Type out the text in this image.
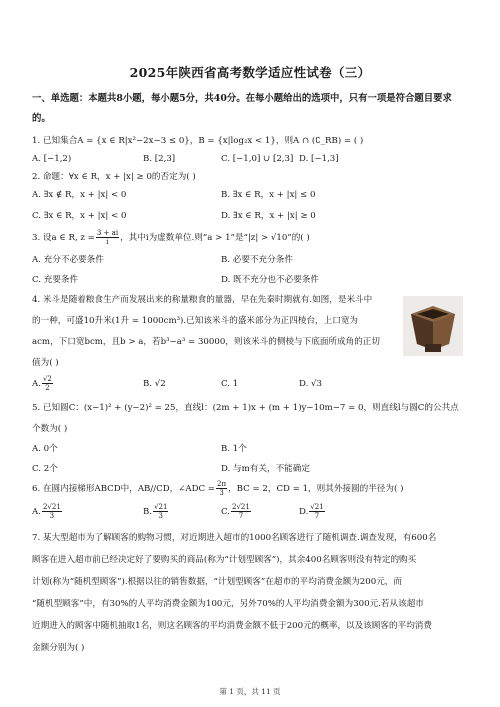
2025年陕西省高考数学适应性试卷（三）
一、单选题：本题共8小题，每小题5分，共40分。在每小题给出的选项中，只有一项是符合题目要求
的。
1. 已知集合A = {x ∈ R|x²−2x−3 ≤ 0}，B = {x|log₂x < 1}，则A ∩ (∁_RB) = ( )
A. [−1,2)	B. [2,3]	C. [−1,0] ∪ [2,3] D. [−1,3]
2. 命题：∀x ∈ R，x + |x| ≥ 0的否定为( )
A. ∃x ∉ R，x + |x| < 0	B. ∃x ∈ R，x + |x| ≤ 0
C. ∃x ∈ R，x + |x| < 0	D. ∃x ∈ R，x + |x| ≥ 0
3. 设a ∈ R, $z = \frac{3 + ai}{i}$ ，其中i为虚数单位.则“a > 1”是“|z| > √10”的( )
A. 充分不必要条件	B. 必要不充分条件
C. 充要条件	D. 既不充分也不必要条件
4. 米斗是随着粮食生产而发展出来的称量粮食的量器，早在先秦时期就有.如图，是米斗中
的一种，可盛10升米(1升 = 1000cm³).已知该米斗的盛米部分为正四棱台，上口宽为
acm，下口宽bcm，且b > a，若b³−a³ = 30000，则该米斗的侧棱与下底面所成角的正切
值为( )
A. $\frac{√2}{2}$	B. √2	C. 1	D. √3
5. 已知圆C：(x−1)² + (y−2)² = 25，直线l：(2m + 1)x + (m + 1)y−10m−7 = 0，则直线l与圆C的公共点
个数为( )
A. 0个	B. 1个
C. 2个	D. 与m有关，不能确定
6. 在圆内接梯形ABCD中，AB//CD，∠ADC = $\frac{2\pi}{3}$ ，BC = 2，CD = 1，则其外接圆的半径为( )
A. $\frac{2√21}{3}$	B. $\frac{√21}{3}$	C. $\frac{2√21}{7}$	D. $\frac{√21}{7}$
7. 某大型超市为了解顾客的购物习惯，对近期进入超市的1000名顾客进行了随机调查.调查发现，有600名
顾客在进入超市前已经决定好了要购买的商品(称为“计划型顾客”)，其余400名顾客则没有特定的购买
计划(称为“随机型顾客”).根据以往的销售数据，“计划型顾客”在超市的平均消费金额为200元，而
“随机型顾客”中，有30%的人平均消费金额为100元，另外70%的人平均消费金额为300元.若从该超市
近期进入的顾客中随机抽取1名，则这名顾客的平均消费金额不低于200元的概率，以及该顾客的平均消费
金额分别为( )
第 1 页，共 11 页
